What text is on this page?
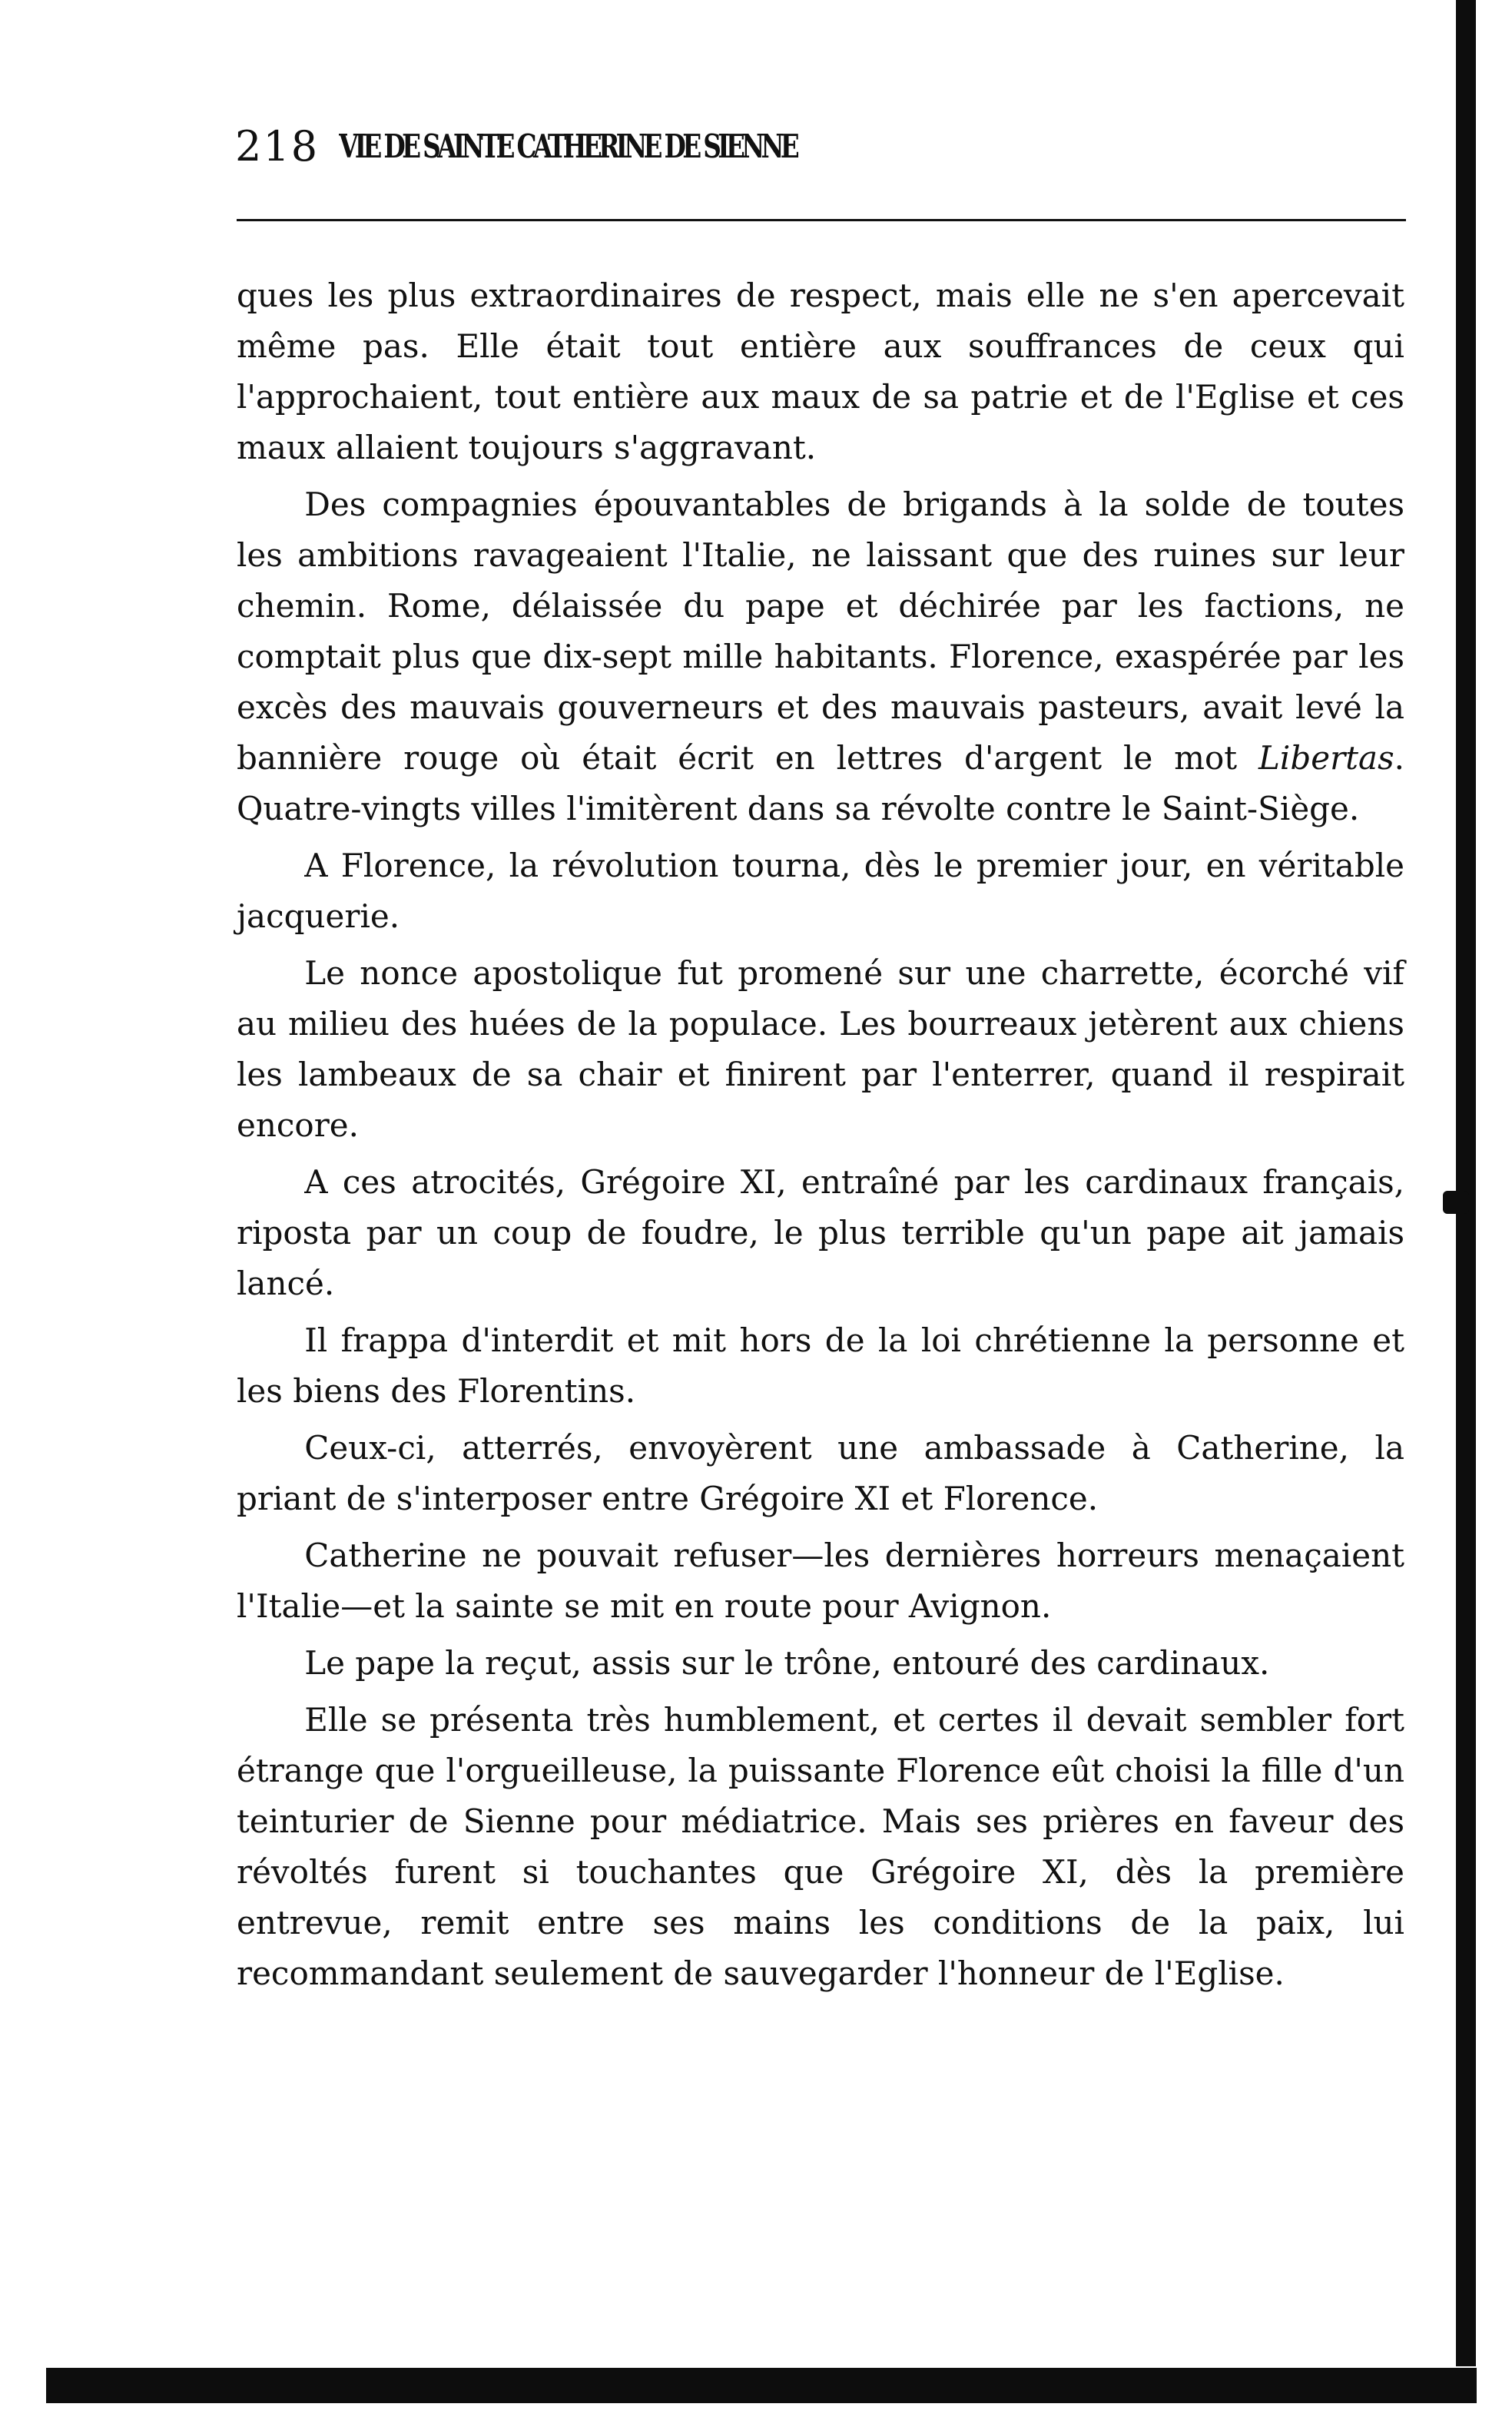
218 VIE DE SAINTE CATHERINE DE SIENNE

ques les plus extraordinaires de respect, mais elle ne s'en apercevait même pas. Elle était tout entière aux souffrances de ceux qui l'approchaient, tout entière aux maux de sa patrie et de l'Eglise et ces maux allaient toujours s'aggravant.

Des compagnies épouvantables de brigands à la solde de toutes les ambitions ravageaient l'Italie, ne laissant que des ruines sur leur chemin. Rome, délaissée du pape et déchirée par les factions, ne comptait plus que dix-sept mille habitants. Florence, exaspérée par les excès des mauvais gouverneurs et des mauvais pasteurs, avait levé la bannière rouge où était écrit en lettres d'argent le mot Libertas. Quatre-vingts villes l'imitèrent dans sa révolte contre le Saint-Siège.

A Florence, la révolution tourna, dès le premier jour, en véritable jacquerie.

Le nonce apostolique fut promené sur une charrette, écorché vif au milieu des huées de la populace. Les bourreaux jetèrent aux chiens les lambeaux de sa chair et finirent par l'enterrer, quand il respirait encore.

A ces atrocités, Grégoire XI, entraîné par les cardinaux français, riposta par un coup de foudre, le plus terrible qu'un pape ait jamais lancé.

Il frappa d'interdit et mit hors de la loi chrétienne la personne et les biens des Florentins.

Ceux-ci, atterrés, envoyèrent une ambassade à Catherine, la priant de s'interposer entre Grégoire XI et Florence.

Catherine ne pouvait refuser—les dernières horreurs menaçaient l'Italie—et la sainte se mit en route pour Avignon.

Le pape la reçut, assis sur le trône, entouré des cardinaux.

Elle se présenta très humblement, et certes il devait sembler fort étrange que l'orgueilleuse, la puissante Florence eût choisi la fille d'un teinturier de Sienne pour médiatrice. Mais ses prières en faveur des révoltés furent si touchantes que Grégoire XI, dès la première entrevue, remit entre ses mains les conditions de la paix, lui recommandant seulement de sauvegarder l'honneur de l'Eglise.
